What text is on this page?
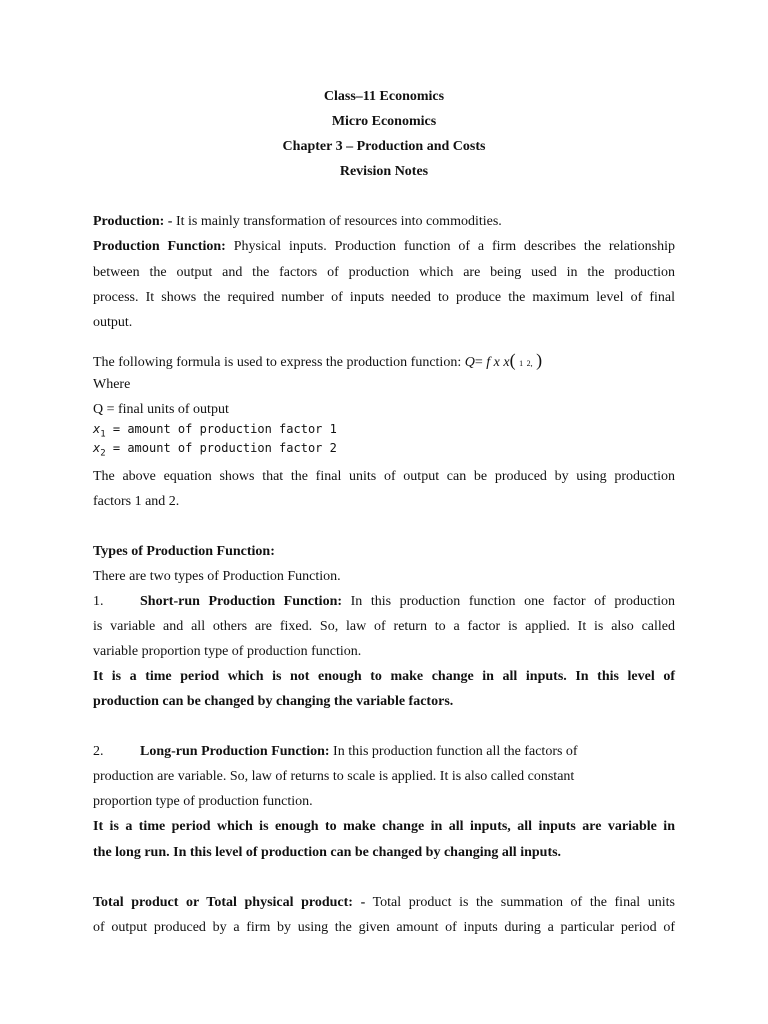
Class–11 Economics
Micro Economics
Chapter 3 – Production and Costs
Revision Notes
Production: - It is mainly transformation of resources into commodities.
Production Function: Physical inputs. Production function of a firm describes the relationship
between the output and the factors of production which are being used in the production
process. It shows the required number of inputs needed to produce the maximum level of final
output.
The following formula is used to express the production function: Q= f x x( 1 2, )
Where
Q = final units of output
$x_1$ = amount of production factor 1
$x_2$ = amount of production factor 2
The above equation shows that the final units of output can be produced by using production
factors 1 and 2.
Types of Production Function:
There are two types of Production Function.
1.	Short-run Production Function: In this production function one factor of production
is variable and all others are fixed. So, law of return to a factor is applied. It is also called
variable proportion type of production function.
It is a time period which is not enough to make change in all inputs. In this level of
production can be changed by changing the variable factors.
2.	Long-run Production Function: In this production function all the factors of
production are variable. So, law of returns to scale is applied. It is also called constant
proportion type of production function.
It is a time period which is enough to make change in all inputs, all inputs are variable in
the long run. In this level of production can be changed by changing all inputs.
Total product or Total physical product: - Total product is the summation of the final units
of output produced by a firm by using the given amount of inputs during a particular period of
